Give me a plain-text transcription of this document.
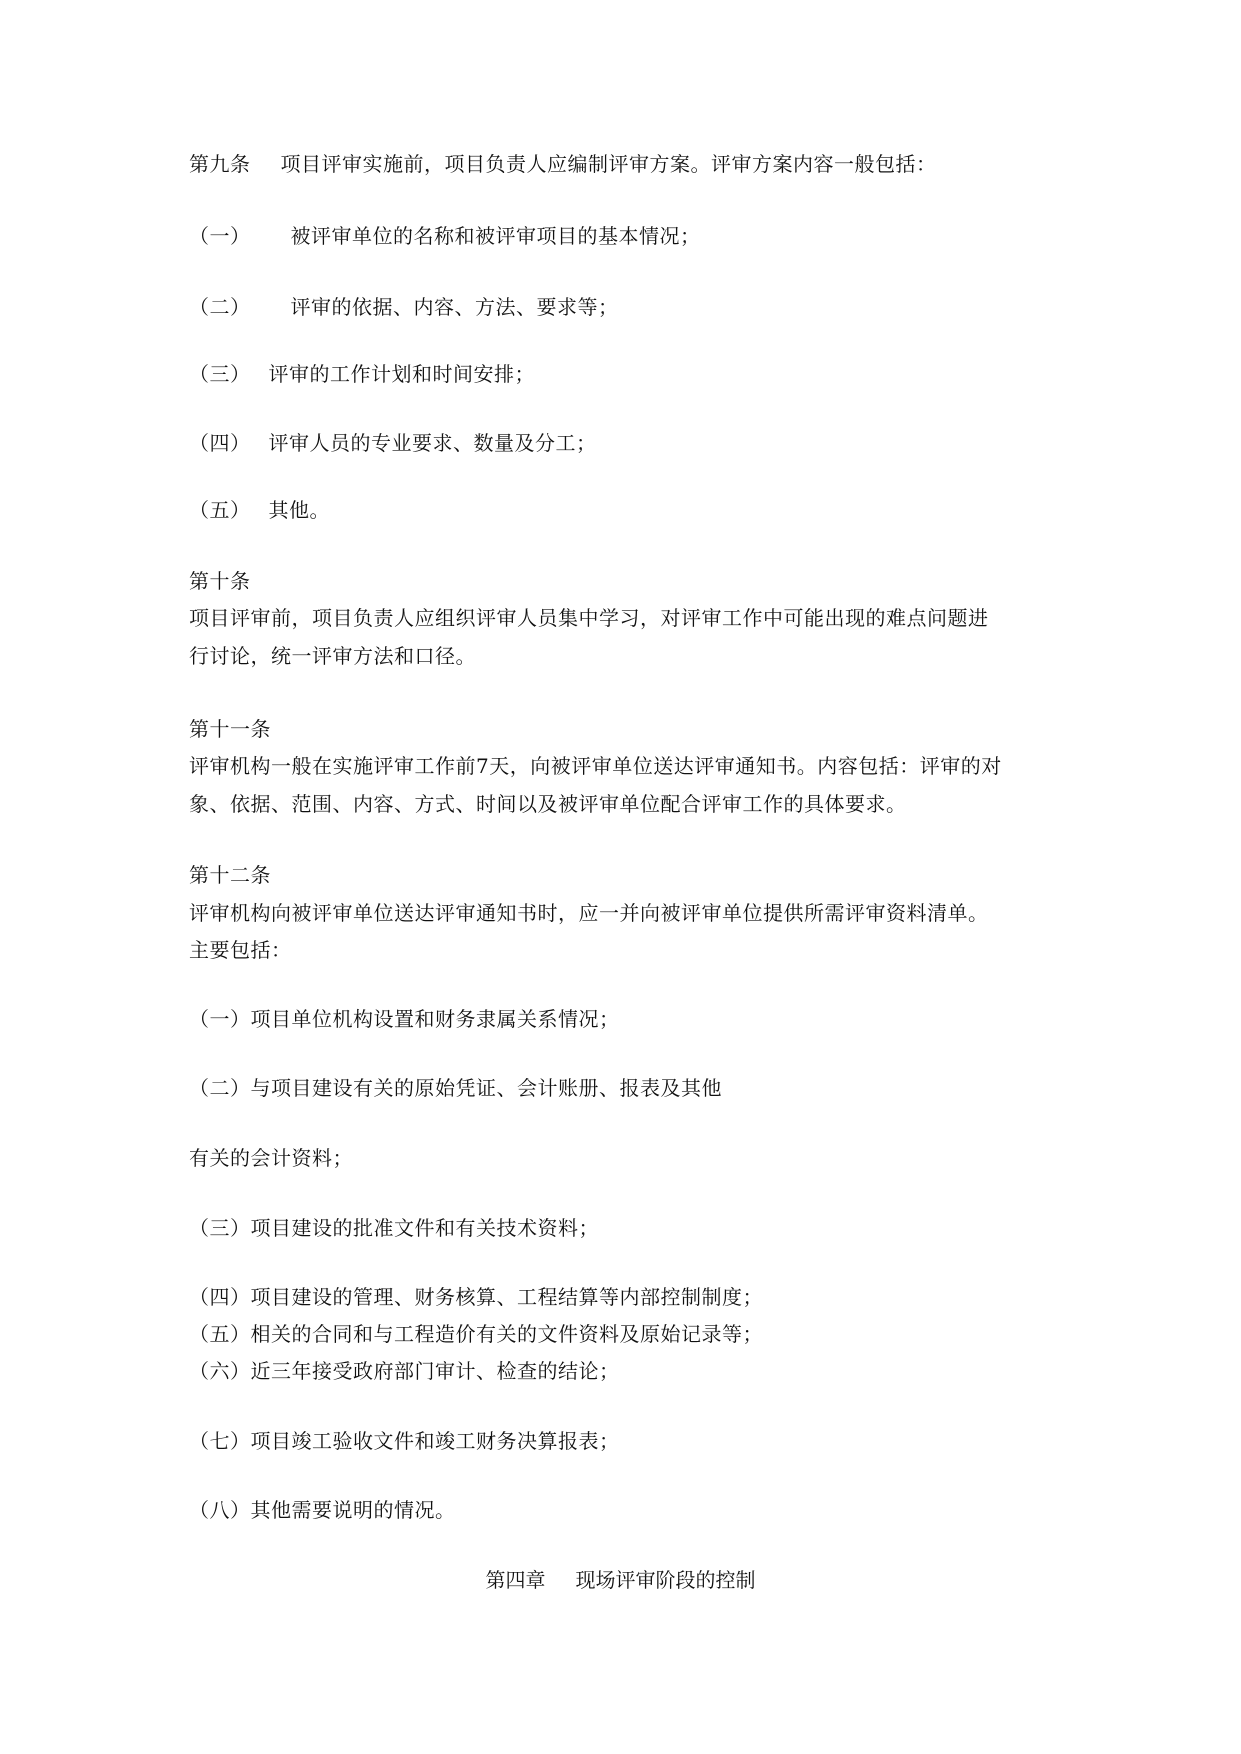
第九条 项目评审实施前，项目负责人应编制评审方案。评审方案内容一般包括：
（一） 被评审单位的名称和被评审项目的基本情况；
（二） 评审的依据、内容、方法、要求等；
（三） 评审的工作计划和时间安排；
（四） 评审人员的专业要求、数量及分工；
（五） 其他。
第十条
项目评审前，项目负责人应组织评审人员集中学习，对评审工作中可能出现的难点问题进
行讨论，统一评审方法和口径。
第十一条
评审机构一般在实施评审工作前7天，向被评审单位送达评审通知书。内容包括：评审的对
象、依据、范围、内容、方式、时间以及被评审单位配合评审工作的具体要求。
第十二条
评审机构向被评审单位送达评审通知书时，应一并向被评审单位提供所需评审资料清单。
主要包括：
（一）项目单位机构设置和财务隶属关系情况；
（二）与项目建设有关的原始凭证、会计账册、报表及其他
有关的会计资料；
（三）项目建设的批准文件和有关技术资料；
（四）项目建设的管理、财务核算、工程结算等内部控制制度；
（五）相关的合同和与工程造价有关的文件资料及原始记录等；
（六）近三年接受政府部门审计、检查的结论；
（七）项目竣工验收文件和竣工财务决算报表；
（八）其他需要说明的情况。
第四章 现场评审阶段的控制
